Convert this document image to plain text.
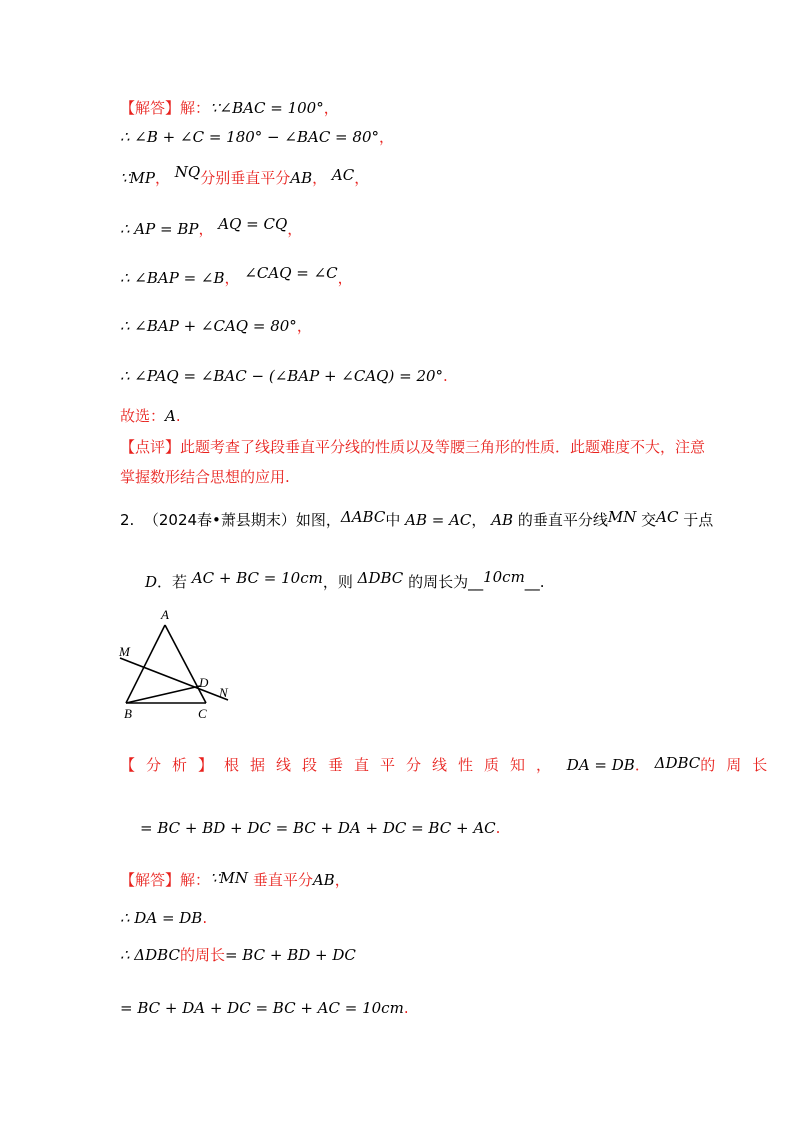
【解答】解：∵∠BAC = 100°，
∴ ∠B + ∠C = 180° − ∠BAC = 80°，
∵MP， NQ分别垂直平分AB， AC，
∴ AP = BP， AQ = CQ，
∴ ∠BAP = ∠B， ∠CAQ = ∠C，
∴ ∠BAP + ∠CAQ = 80°，
∴ ∠PAQ = ∠BAC − (∠BAP + ∠CAQ) = 20°.
故选：A.
【点评】此题考查了线段垂直平分线的性质以及等腰三角形的性质．此题难度不大，注意
掌握数形结合思想的应用.
2. （2024春•萧县期末）如图，ΔABC中 AB = AC， AB 的垂直平分线MN 交AC 于点
D．若 AC + BC = 10cm，则 ΔDBC 的周长为__10cm__.
A
M
D
N
B	C
【分析】根据线段垂直平分线性质知， DA = DB． ΔDBC的周长
= BC + BD + DC = BC + DA + DC = BC + AC.
【解答】解：∵MN 垂直平分AB，
∴ DA = DB.
∴ ΔDBC的周长= BC + BD + DC
= BC + DA + DC = BC + AC = 10cm.
